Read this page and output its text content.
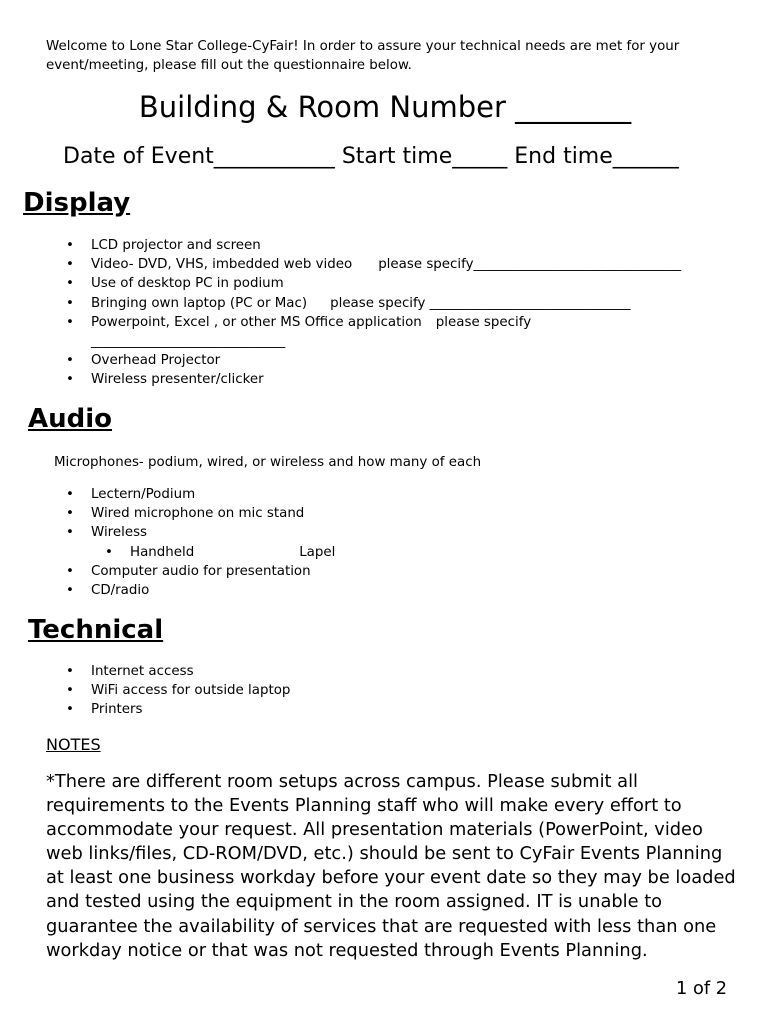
Welcome to Lone Star College-CyFair! In order to assure your technical needs are met for your event/meeting, please fill out the questionnaire below.
Building & Room Number ________
Date of Event___________ Start time_____ End time______
Display
• LCD projector and screen
• Video- DVD, VHS, imbedded web video please specify_______________________________
• Use of desktop PC in podium
• Bringing own laptop (PC or Mac) please specify ______________________________
• Powerpoint, Excel , or other MS Office application please specify
_____________________________
• Overhead Projector
• Wireless presenter/clicker
Audio
Microphones- podium, wired, or wireless and how many of each
• Lectern/Podium
• Wired microphone on mic stand
• Wireless
• Handheld	Lapel
• Computer audio for presentation
• CD/radio
Technical
• Internet access
• WiFi access for outside laptop
• Printers
NOTES
*There are different room setups across campus. Please submit all requirements to the Events Planning staff who will make every effort to accommodate your request. All presentation materials (PowerPoint, video web links/files, CD-ROM/DVD, etc.) should be sent to CyFair Events Planning at least one business workday before your event date so they may be loaded and tested using the equipment in the room assigned. IT is unable to guarantee the availability of services that are requested with less than one workday notice or that was not requested through Events Planning.
1 of 2
